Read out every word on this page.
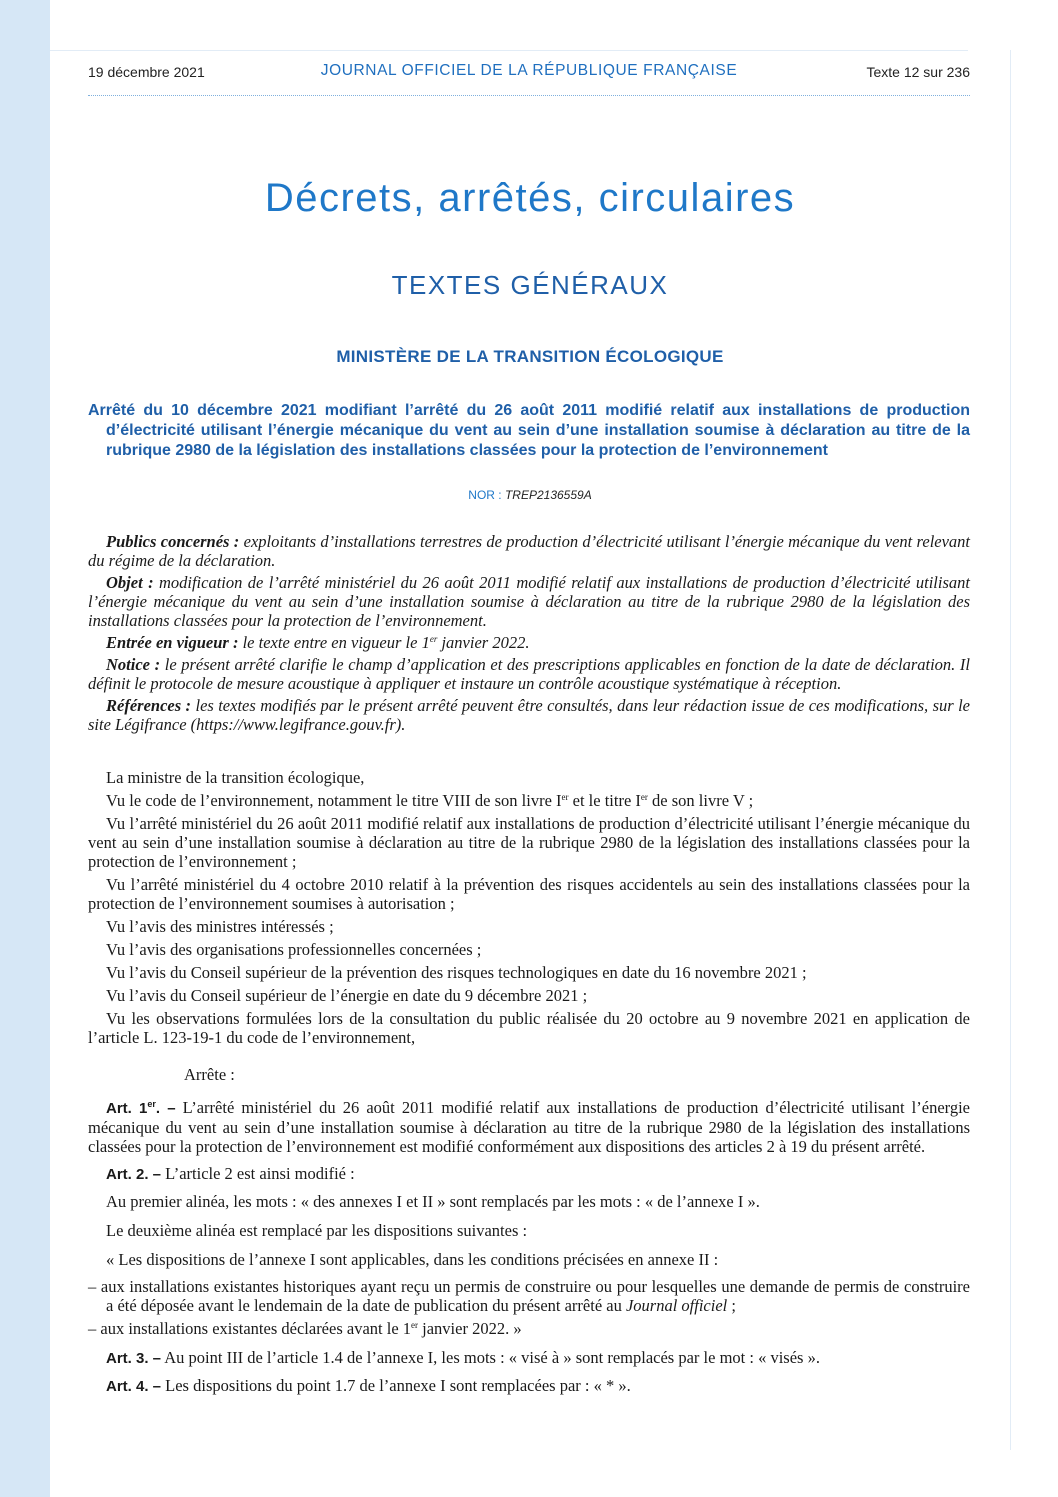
19 décembre 2021	JOURNAL OFFICIEL DE LA RÉPUBLIQUE FRANÇAISE	Texte 12 sur 236
Décrets, arrêtés, circulaires
TEXTES GÉNÉRAUX
MINISTÈRE DE LA TRANSITION ÉCOLOGIQUE
Arrêté du 10 décembre 2021 modifiant l’arrêté du 26 août 2011 modifié relatif aux installations de production d’électricité utilisant l’énergie mécanique du vent au sein d’une installation soumise à déclaration au titre de la rubrique 2980 de la législation des installations classées pour la protection de l’environnement
NOR : TREP2136559A

Publics concernés : exploitants d’installations terrestres de production d’électricité utilisant l’énergie mécanique du vent relevant du régime de la déclaration.

Objet : modification de l’arrêté ministériel du 26 août 2011 modifié relatif aux installations de production d’électricité utilisant l’énergie mécanique du vent au sein d’une installation soumise à déclaration au titre de la rubrique 2980 de la législation des installations classées pour la protection de l’environnement.

Entrée en vigueur : le texte entre en vigueur le 1er janvier 2022.

Notice : le présent arrêté clarifie le champ d’application et des prescriptions applicables en fonction de la date de déclaration. Il définit le protocole de mesure acoustique à appliquer et instaure un contrôle acoustique systématique à réception.

Références : les textes modifiés par le présent arrêté peuvent être consultés, dans leur rédaction issue de ces modifications, sur le site Légifrance (https://www.legifrance.gouv.fr).

La ministre de la transition écologique,

Vu le code de l’environnement, notamment le titre VIII de son livre Ier et le titre Ier de son livre V ;

Vu l’arrêté ministériel du 26 août 2011 modifié relatif aux installations de production d’électricité utilisant l’énergie mécanique du vent au sein d’une installation soumise à déclaration au titre de la rubrique 2980 de la législation des installations classées pour la protection de l’environnement ;

Vu l’arrêté ministériel du 4 octobre 2010 relatif à la prévention des risques accidentels au sein des installations classées pour la protection de l’environnement soumises à autorisation ;

Vu l’avis des ministres intéressés ;

Vu l’avis des organisations professionnelles concernées ;

Vu l’avis du Conseil supérieur de la prévention des risques technologiques en date du 16 novembre 2021 ;

Vu l’avis du Conseil supérieur de l’énergie en date du 9 décembre 2021 ;

Vu les observations formulées lors de la consultation du public réalisée du 20 octobre au 9 novembre 2021 en application de l’article L. 123-19-1 du code de l’environnement,

Arrête :

Art. 1er. – L’arrêté ministériel du 26 août 2011 modifié relatif aux installations de production d’électricité utilisant l’énergie mécanique du vent au sein d’une installation soumise à déclaration au titre de la rubrique 2980 de la législation des installations classées pour la protection de l’environnement est modifié conformément aux dispositions des articles 2 à 19 du présent arrêté.

Art. 2. – L’article 2 est ainsi modifié :

Au premier alinéa, les mots : « des annexes I et II » sont remplacés par les mots : « de l’annexe I ».

Le deuxième alinéa est remplacé par les dispositions suivantes :

« Les dispositions de l’annexe I sont applicables, dans les conditions précisées en annexe II :

– aux installations existantes historiques ayant reçu un permis de construire ou pour lesquelles une demande de permis de construire a été déposée avant le lendemain de la date de publication du présent arrêté au Journal officiel ;

– aux installations existantes déclarées avant le 1er janvier 2022. »

Art. 3. – Au point III de l’article 1.4 de l’annexe I, les mots : « visé à » sont remplacés par le mot : « visés ».

Art. 4. – Les dispositions du point 1.7 de l’annexe I sont remplacées par : « * ».
